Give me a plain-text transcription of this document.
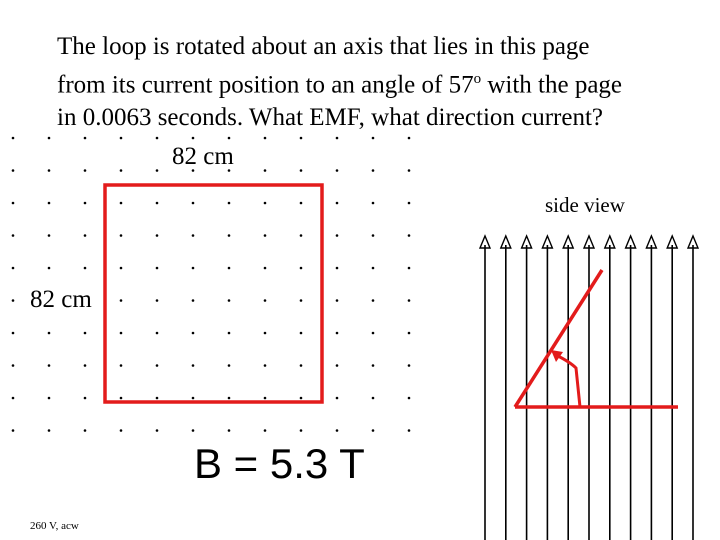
The loop is rotated about an axis that lies in this page
from its current position to an angle of 57$^o$ with the page
in 0.0063 seconds. What EMF, what direction current?
82 cm
82 cm
side view
B = 5.3 T
260 V, acw
